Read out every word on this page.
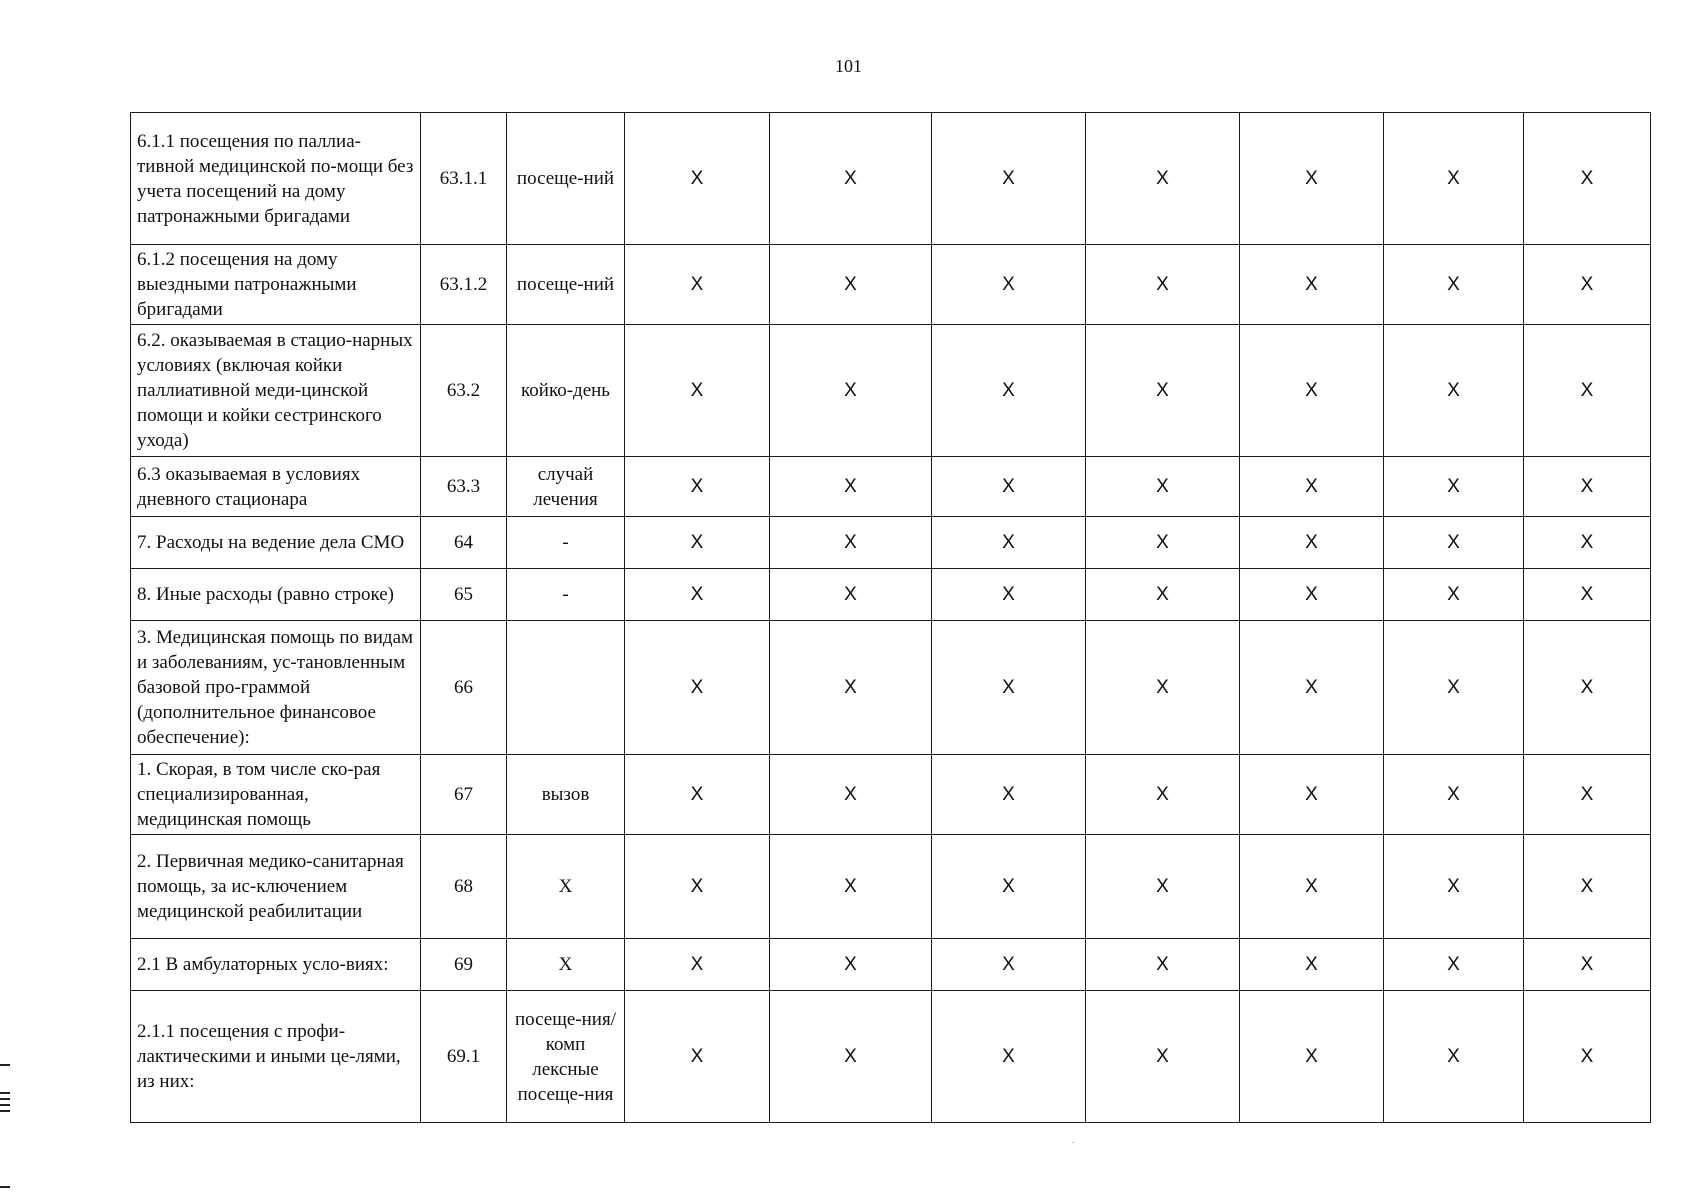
101
6.1.1 посещения по паллиа-тивной медицинской по-мощи без учета посещений на дому патронажными бригадами	63.1.1	посеще-ний	X	X	X	X	X	X	X
6.1.2 посещения на дому выездными патронажными бригадами	63.1.2	посеще-ний	X	X	X	X	X	X	X
6.2. оказываемая в стацио-нарных условиях (включая койки паллиативной меди-цинской помощи и койки сестринского ухода)	63.2	койко-день	X	X	X	X	X	X	X
6.3 оказываемая в условиях дневного стационара	63.3	случай лечения	X	X	X	X	X	X	X
7. Расходы на ведение дела СМО	64	-	X	X	X	X	X	X	X
8. Иные расходы (равно строке)	65	-	X	X	X	X	X	X	X
3. Медицинская помощь по видам и заболеваниям, ус-тановленным базовой про-граммой (дополнительное финансовое обеспечение):	66		X	X	X	X	X	X	X
1. Скорая, в том числе ско-рая специализированная, медицинская помощь	67	вызов	X	X	X	X	X	X	X
2. Первичная медико-санитарная помощь, за ис-ключением медицинской реабилитации	68	X	X	X	X	X	X	X	X
2.1 В амбулаторных усло-виях:	69	X	X	X	X	X	X	X	X
2.1.1 посещения с профи-лактическими и иными це-лями, из них:	69.1	посеще-ния/комп лексные посеще-ния	X	X	X	X	X	X	X
